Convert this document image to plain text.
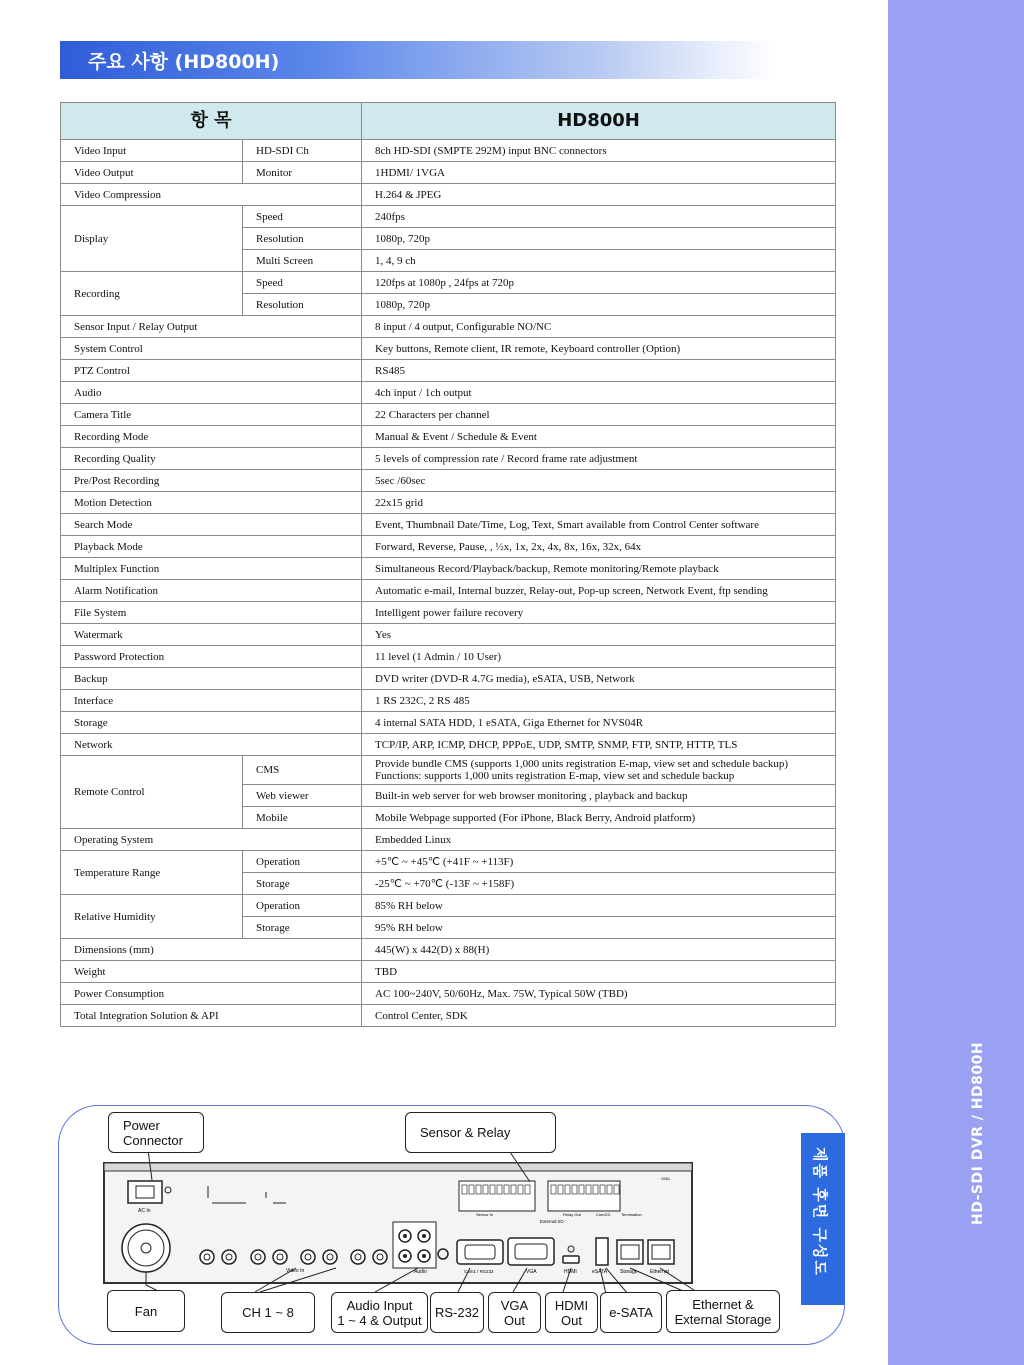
HD-SDI DVR / HD800H
주요 사항 (HD800H)
항 목		HD800H
Video Input	HD-SDI Ch	8ch HD-SDI (SMPTE 292M) input BNC connectors
Video Output	Monitor	1HDMI/ 1VGA
Video Compression		H.264 & JPEG
Display	Speed	240fps
	Resolution	1080p, 720p
	Multi Screen	1, 4, 9 ch
Recording	Speed	120fps at 1080p , 24fps at 720p
	Resolution	1080p, 720p
Sensor Input / Relay Output		8 input / 4 output, Configurable NO/NC
System Control		Key buttons, Remote client, IR remote, Keyboard controller (Option)
PTZ Control		RS485
Audio		4ch input / 1ch output
Camera Title		22 Characters per channel
Recording Mode		Manual & Event / Schedule & Event
Recording Quality		5 levels of compression rate / Record frame rate adjustment
Pre/Post Recording		5sec /60sec
Motion Detection		22x15 grid
Search Mode		Event, Thumbnail Date/Time, Log, Text, Smart available from Control Center software
Playback Mode		Forward, Reverse, Pause, , ½x, 1x, 2x, 4x, 8x, 16x, 32x, 64x
Multiplex Function		Simultaneous Record/Playback/backup, Remote monitoring/Remote playback
Alarm Notification		Automatic e-mail, Internal buzzer, Relay-out, Pop-up screen, Network Event, ftp sending
File System		Intelligent power failure recovery
Watermark		Yes
Password Protection		11 level (1 Admin / 10 User)
Backup		DVD writer (DVD-R 4.7G media), eSATA, USB, Network
Interface		1 RS 232C, 2 RS 485
Storage		4 internal SATA HDD, 1 eSATA, Giga Ethernet for NVS04R
Network		TCP/IP, ARP, ICMP, DHCP, PPPoE, UDP, SMTP, SNMP, FTP, SNTP, HTTP, TLS
Remote Control	CMS	Provide bundle CMS (supports 1,000 units registration E-map, view set and schedule backup)
Functions: supports 1,000 units registration E-map, view set and schedule backup

	Web viewer	Built-in web server for web browser monitoring , playback and backup
	Mobile	Mobile Webpage supported (For iPhone, Black Berry, Android platform)
Operating System		Embedded Linux
Temperature Range	Operation	+5℃ ~ +45℃ (+41F ~ +113F)
	Storage	-25℃ ~ +70℃ (-13F ~ +158F)
Relative Humidity	Operation	85% RH below
	Storage	95% RH below
Dimensions (mm)		445(W) x 442(D) x 88(H)
Weight		TBD
Power Consumption		AC 100~240V, 50/60Hz, Max. 75W, Typical 50W (TBD)
Total Integration Solution & API		Control Center, SDK
AC In
Video In	Audio	Com1 / RS232	VGA	HDMI	eSATA	Storage Ethernet
Sensor In	Relay Out	Com2/3	Termination
External I/O
GND
Power
Connector	Sensor & Relay
Fan	CH 1 ~ 8	Audio Input
1 ~ 4 & Output	RS-232	VGA
Out
HDMI
Out	e-SATA
Ethernet &
External Storage
제품 후면 구성도
